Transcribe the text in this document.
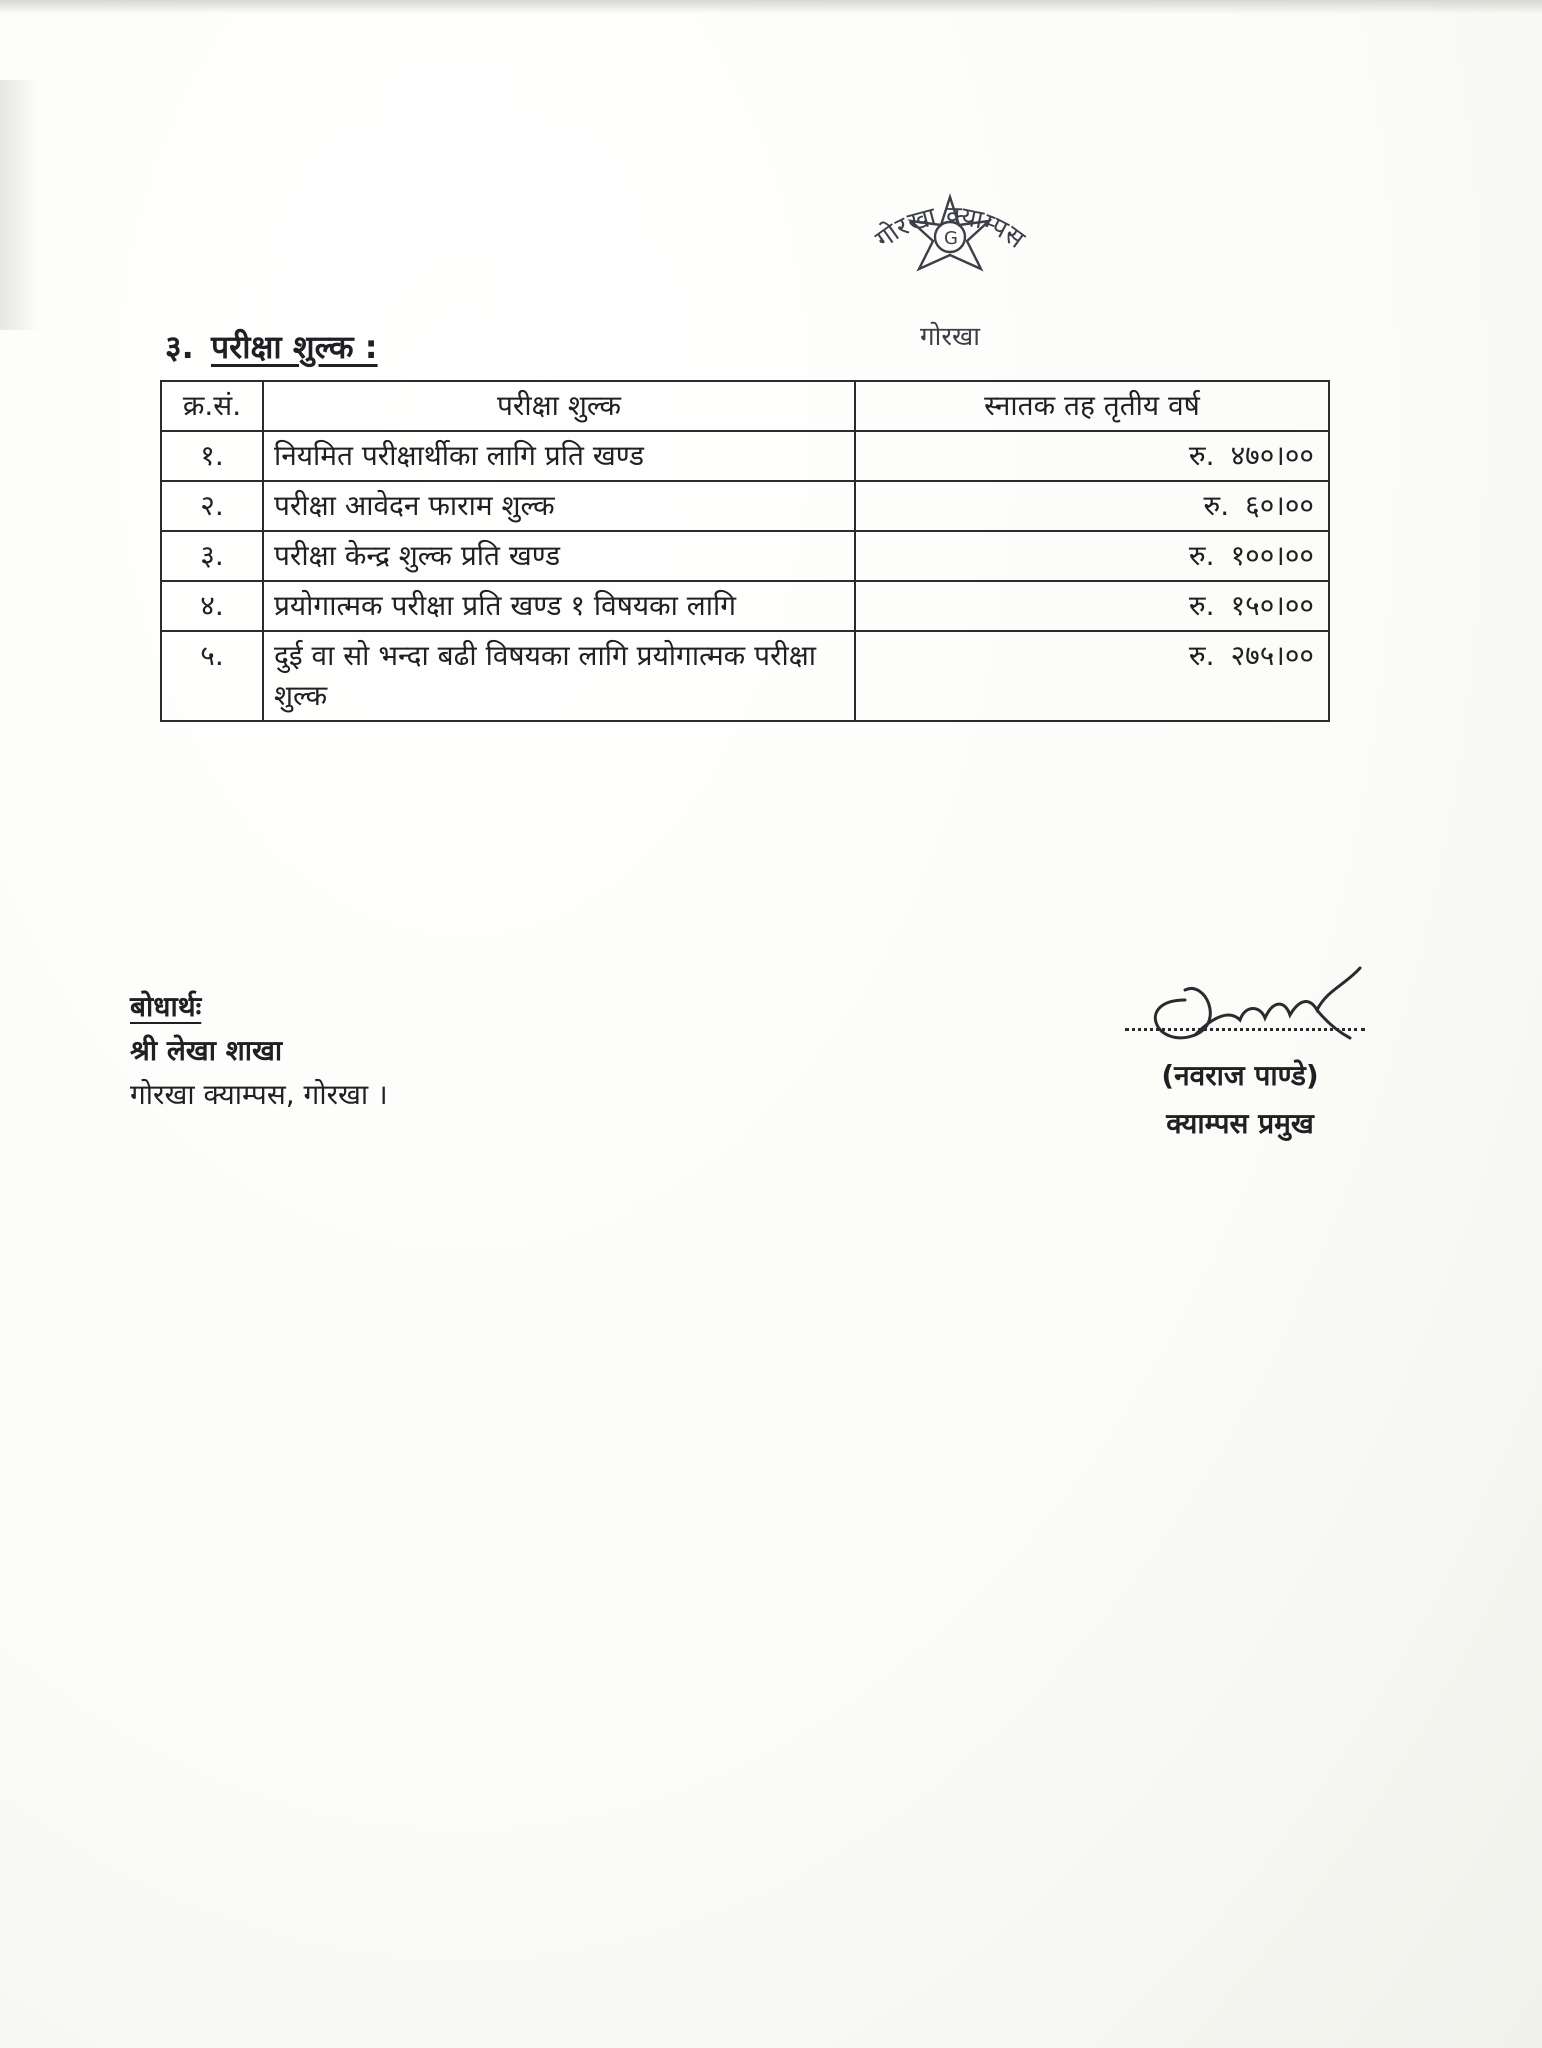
G
गोरखा क्याम्पस
गोरखा
३. परीक्षा शुल्क :
क्र.सं.	परीक्षा शुल्क	स्नातक तह तृतीय वर्ष
१.	नियमित परीक्षार्थीका लागि प्रति खण्ड	रु. ४७०।००
२.	परीक्षा आवेदन फाराम शुल्क	रु. ६०।००
३.	परीक्षा केन्द्र शुल्क प्रति खण्ड	रु. १००।००
४.	प्रयोगात्मक परीक्षा प्रति खण्ड १ विषयका लागि	रु. १५०।००
५.	दुई वा सो भन्दा बढी विषयका लागि प्रयोगात्मक परीक्षा शुल्क	रु. २७५।००
बोधार्थः
श्री लेखा शाखा
गोरखा क्याम्पस, गोरखा ।
(नवराज पाण्डे)
क्याम्पस प्रमुख
